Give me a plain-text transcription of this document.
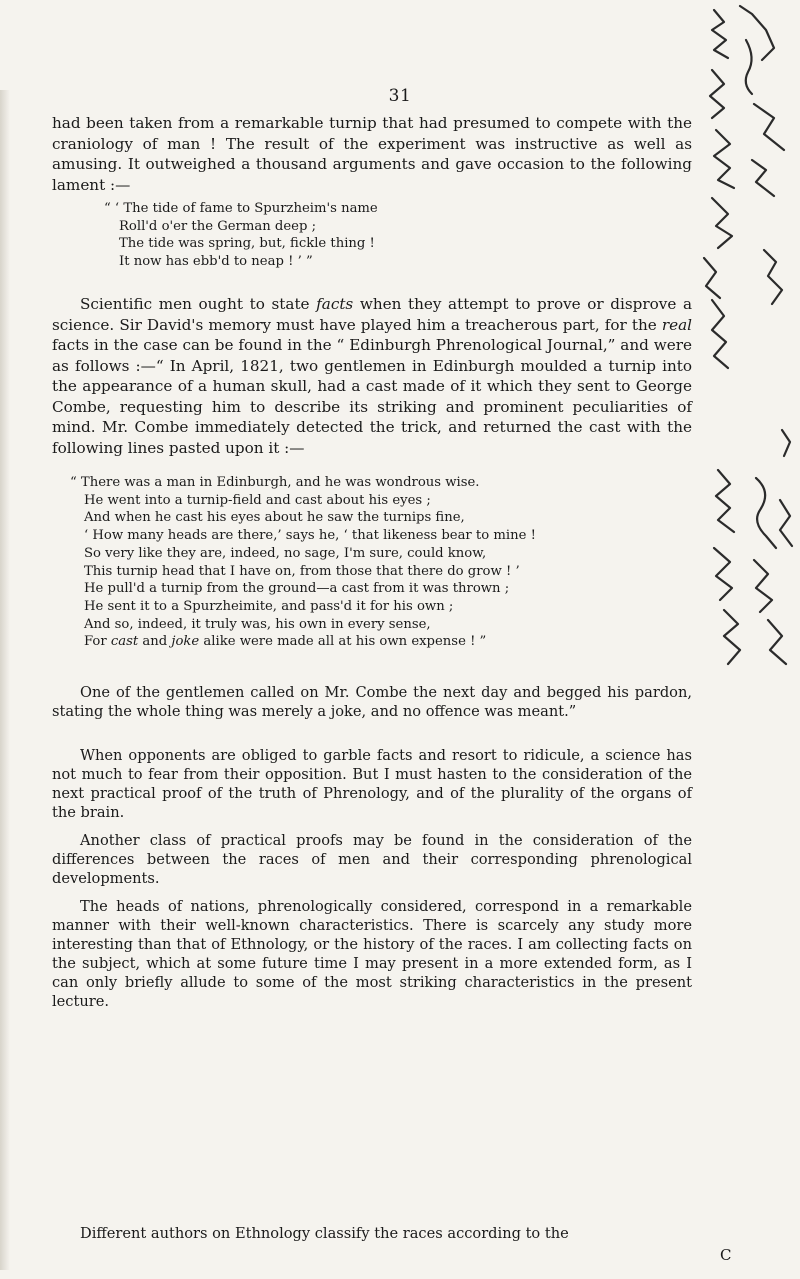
31

had been taken from a remarkable turnip that had presumed to compete with the craniology of man ! The result of the experiment was instructive as well as amusing. It outweighed a thousand arguments and gave occasion to the following lament :—

“ ‘ The tide of fame to Spurzheim's name
Roll'd o'er the German deep ;
The tide was spring, but, fickle thing !
It now has ebb'd to neap ! ’ ”

Scientific men ought to state facts when they attempt to prove or disprove a science. Sir David's memory must have played him a treacherous part, for the real facts in the case can be found in the “ Edinburgh Phrenological Journal,” and were as follows :—“ In April, 1821, two gentlemen in Edinburgh moulded a turnip into the appearance of a human skull, had a cast made of it which they sent to George Combe, requesting him to describe its striking and prominent peculiarities of mind. Mr. Combe immediately detected the trick, and returned the cast with the following lines pasted upon it :—

“ There was a man in Edinburgh, and he was wondrous wise.
He went into a turnip-field and cast about his eyes ;
And when he cast his eyes about he saw the turnips fine,
‘ How many heads are there,’ says he, ‘ that likeness bear to mine !
So very like they are, indeed, no sage, I'm sure, could know,
This turnip head that I have on, from those that there do grow ! ’
He pull'd a turnip from the ground—a cast from it was thrown ;
He sent it to a Spurzheimite, and pass'd it for his own ;
And so, indeed, it truly was, his own in every sense,
For cast and joke alike were made all at his own expense ! ”

One of the gentlemen called on Mr. Combe the next day and begged his pardon, stating the whole thing was merely a joke, and no offence was meant.”

When opponents are obliged to garble facts and resort to ridicule, a science has not much to fear from their opposition. But I must hasten to the consideration of the next practical proof of the truth of Phrenology, and of the plurality of the organs of the brain.

Another class of practical proofs may be found in the consideration of the differences between the races of men and their corresponding phrenological developments.

The heads of nations, phrenologically considered, correspond in a remarkable manner with their well-known characteristics. There is scarcely any study more interesting than that of Ethnology, or the history of the races. I am collecting facts on the subject, which at some future time I may present in a more extended form, as I can only briefly allude to some of the most striking characteristics in the present lecture.

Different authors on Ethnology classify the races according to the

C
